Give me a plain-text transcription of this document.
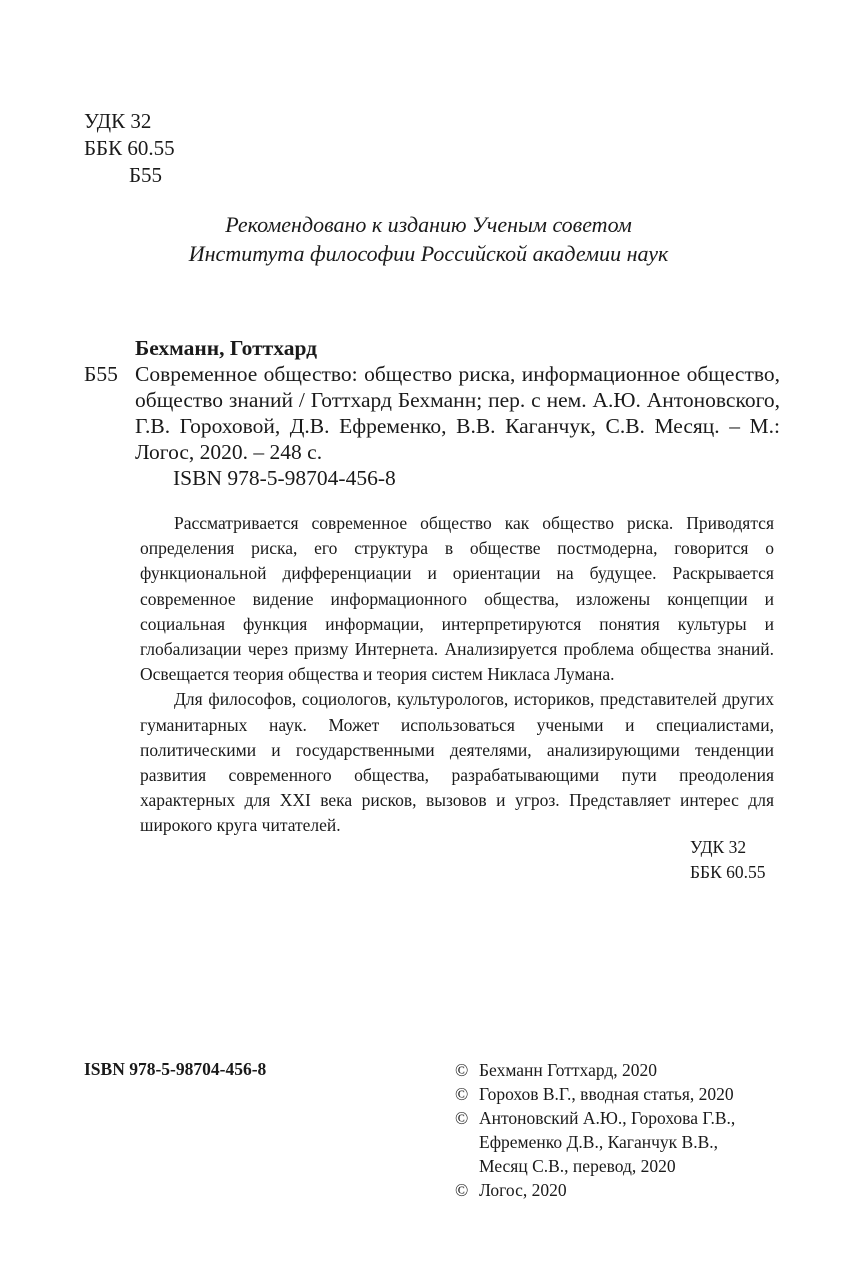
УДК 32
ББК 60.55
Б55
Рекомендовано к изданию Ученым советом
Института философии Российской академии наук
Бехманн, Готтхард
Б55 Современное общество: общество риска, информационное общество, общество знаний / Готтхард Бехманн; пер. с нем. А.Ю. Антоновского, Г.В. Гороховой, Д.В. Ефременко, В.В. Каганчук, С.В. Месяц. – М.: Логос, 2020. – 248 с.
ISBN 978-5-98704-456-8

Рассматривается современное общество как общество риска. Приводятся определения риска, его структура в обществе постмодерна, говорится о функциональной дифференциации и ориентации на будущее. Раскрывается современное видение информационного общества, изложены концепции и социальная функция информации, интерпретируются понятия культуры и глобализации через призму Интернета. Анализируется проблема общества знаний. Освещается теория общества и теория систем Никласа Лумана.

Для философов, социологов, культурологов, историков, представителей других гуманитарных наук. Может использоваться учеными и специалистами, политическими и государственными деятелями, анализирующими тенденции развития современного общества, разрабатывающими пути преодоления характерных для XXI века рисков, вызовов и угроз. Представляет интерес для широкого круга читателей.

УДК 32
ББК 60.55
ISBN 978-5-98704-456-8	© Бехманн Готтхард, 2020
© Горохов В.Г., вводная статья, 2020
© Антоновский А.Ю., Горохова Г.В.,
Ефременко Д.В., Каганчук В.В.,
Месяц С.В., перевод, 2020
© Логос, 2020
